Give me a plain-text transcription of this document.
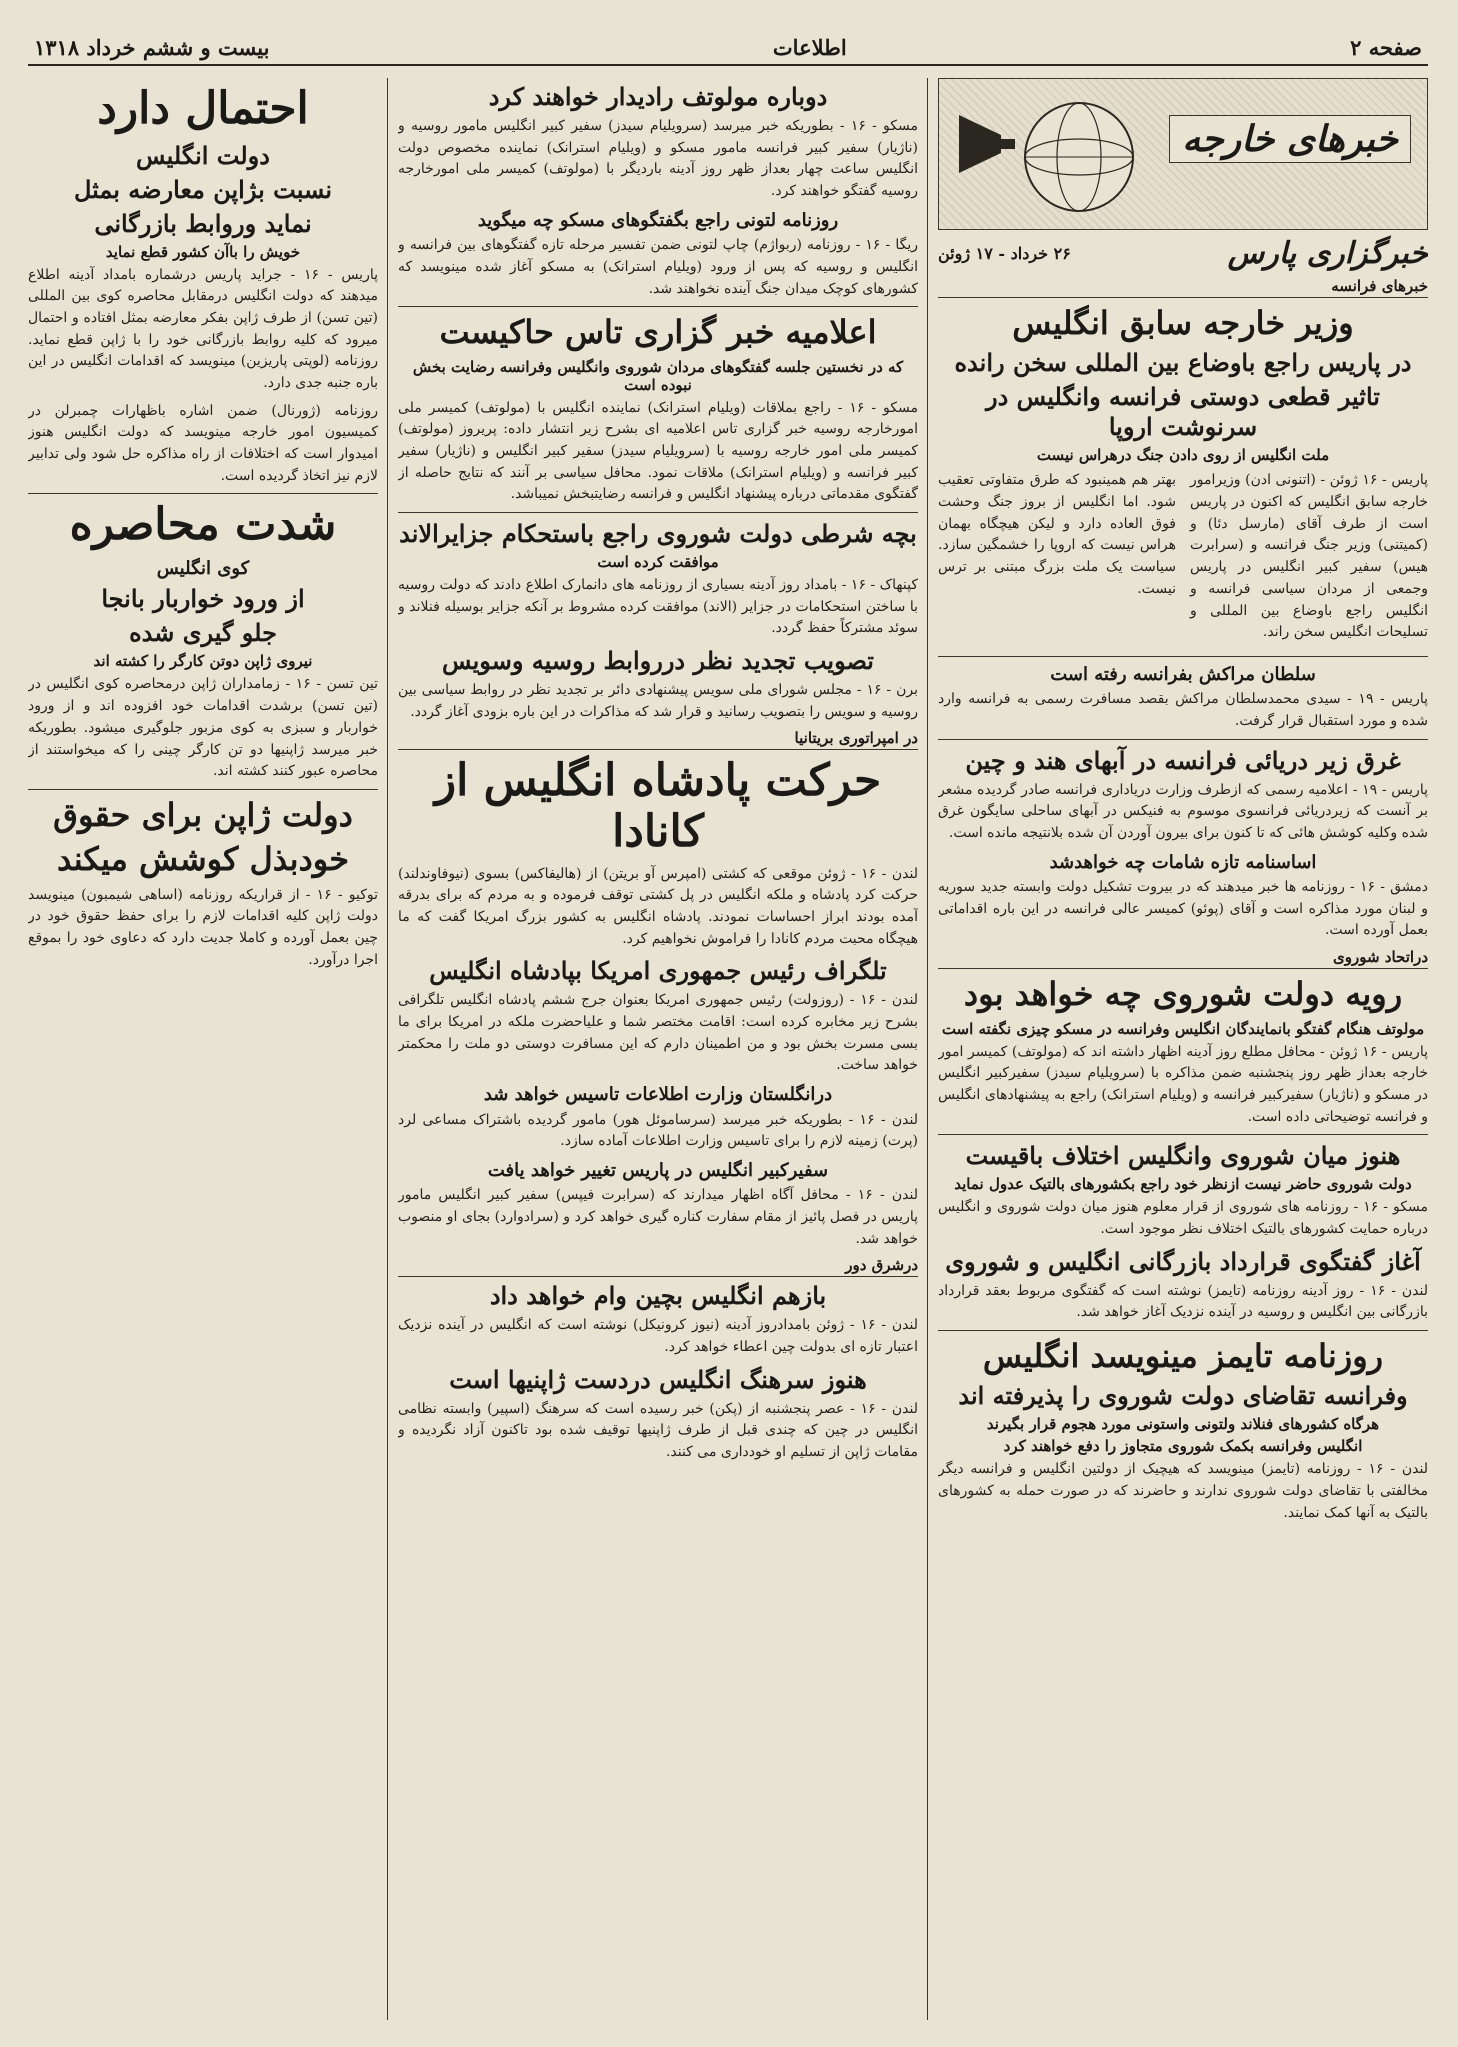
صفحه ۲
اطلاعات
بیست و ششم خرداد ۱۳۱۸
خبرهای خارجه
خبرگزاری پارس
۲۶ خرداد - ۱۷ ژوئن
خبرهای فرانسه
وزیر خارجه سابق انگلیس
در پاریس راجع باوضاع بین المللی سخن رانده
تاثیر قطعی دوستی فرانسه وانگلیس در سرنوشت اروپا
ملت انگلیس از روی دادن جنگ درهراس نیست
پاریس - ۱۶ ژوئن - (اتنونی ادن) وزیرامور خارجه سابق انگلیس که اکنون در پاریس است از طرف آقای (مارسل دئا) و (کمیتنی) وزیر جنگ فرانسه و (سرابرت هیس) سفیر کبیر انگلیس در پاریس وجمعی از مردان سیاسی فرانسه و انگلیس راجع باوضاع بین المللی و تسلیحات انگلیس سخن راند.
بهتر هم همینبود که طرق متفاوتی تعقیب شود. اما انگلیس از بروز جنگ وحشت فوق العاده دارد و لیکن هیچگاه بهمان هراس نیست که اروپا را خشمگین سازد. سیاست یک ملت بزرگ مبتنی بر ترس نیست.
سلطان مراکش بفرانسه رفته است
پاریس - ۱۹ - سیدی محمدسلطان مراکش بقصد مسافرت رسمی به فرانسه وارد شده و مورد استقبال قرار گرفت.
غرق زیر دریائی فرانسه در آبهای هند و چین
پاریس - ۱۹ - اعلامیه رسمی که ازطرف وزارت دریاداری فرانسه صادر گردیده مشعر بر آنست که زیردریائی فرانسوی موسوم به فنیکس در آبهای ساحلی سایگون غرق شده وکلیه کوشش هائی که تا کنون برای بیرون آوردن آن شده بلانتیجه مانده است.
اساسنامه تازه شامات چه خواهدشد
دمشق - ۱۶ - روزنامه ها خبر میدهند که در بیروت تشکیل دولت وابسته جدید سوریه و لبنان مورد مذاکره است و آقای (پوئو) کمیسر عالی فرانسه در این باره اقداماتی بعمل آورده است.
دراتحاد شوروی
رویه دولت شوروی چه خواهد بود
مولوتف هنگام گفتگو بانمایندگان انگلیس وفرانسه در مسکو چیزی نگفته است
پاریس - ۱۶ ژوئن - محافل مطلع روز آدینه اظهار داشته اند که (مولوتف) کمیسر امور خارجه بعداز ظهر روز پنجشنبه ضمن مذاکره با (سرویلیام سیدز) سفیرکبیر انگلیس در مسکو و (ناژیار) سفیرکبیر فرانسه و (ویلیام استرانک) راجع به پیشنهادهای انگلیس و فرانسه توضیحاتی داده است.
هنوز میان شوروی وانگلیس اختلاف باقیست
دولت شوروی حاضر نیست ازنظر خود راجع بکشورهای بالتیک عدول نماید
مسکو - ۱۶ - روزنامه های شوروی از قرار معلوم هنوز میان دولت شوروی و انگلیس درباره حمایت کشورهای بالتیک اختلاف نظر موجود است.
آغاز گفتگوی قرارداد بازرگانی انگلیس و شوروی
لندن - ۱۶ - روز آدینه روزنامه (تایمز) نوشته است که گفتگوی مربوط بعقد قرارداد بازرگانی بین انگلیس و روسیه در آینده نزدیک آغاز خواهد شد.
روزنامه تایمز مینویسد انگلیس
وفرانسه تقاضای دولت شوروی را پذیرفته اند
هرگاه کشورهای فنلاند ولتونی واستونی مورد هجوم قرار بگیرند
انگلیس وفرانسه بکمک شوروی متجاوز را دفع خواهند کرد
لندن - ۱۶ - روزنامه (تایمز) مینویسد که هیچیک از دولتین انگلیس و فرانسه دیگر مخالفتی با تقاضای دولت شوروی ندارند و حاضرند که در صورت حمله به کشورهای بالتیک به آنها کمک نمایند.
دوباره مولوتف رادیدار خواهند کرد
مسکو - ۱۶ - بطوریکه خبر میرسد (سرویلیام سیدز) سفیر کبیر انگلیس مامور روسیه و (ناژیار) سفیر کبیر فرانسه مامور مسکو و (ویلیام استرانک) نماینده مخصوص دولت انگلیس ساعت چهار بعداز ظهر روز آدینه باردیگر با (مولوتف) کمیسر ملی امورخارجه روسیه گفتگو خواهند کرد.
روزنامه لتونی راجع بگفتگوهای مسکو چه میگوید
ریگا - ۱۶ - روزنامه (ربواژم) چاپ لتونی ضمن تفسیر مرحله تازه گفتگوهای بین فرانسه و انگلیس و روسیه که پس از ورود (ویلیام استرانک) به مسکو آغاز شده مینویسد که کشورهای کوچک میدان جنگ آینده نخواهند شد.
اعلامیه خبر گزاری تاس حاکیست
که در نخستین جلسه گفتگوهای مردان شوروی وانگلیس وفرانسه رضایت بخش نبوده است
مسکو - ۱۶ - راجع بملاقات (ویلیام استرانک) نماینده انگلیس با (مولوتف) کمیسر ملی امورخارجه روسیه خبر گزاری تاس اعلامیه ای بشرح زیر انتشار داده: پریروز (مولوتف) کمیسر ملی امور خارجه روسیه با (سرویلیام سیدز) سفیر کبیر انگلیس و (ناژیار) سفیر کبیر فرانسه و (ویلیام استرانک) ملاقات نمود. محافل سیاسی بر آنند که نتایج حاصله از گفتگوی مقدماتی درباره پیشنهاد انگلیس و فرانسه رضایتبخش نمیباشد.
بچه شرطی دولت شوروی راجع باستحکام جزایرالاند
موافقت کرده است
کپنهاک - ۱۶ - بامداد روز آدینه بسیاری از روزنامه های دانمارک اطلاع دادند که دولت روسیه با ساختن استحکامات در جزایر (الاند) موافقت کرده مشروط بر آنکه جزایر بوسیله فنلاند و سوئد مشترکاً حفظ گردد.
تصویب تجدید نظر درروابط روسیه وسویس
برن - ۱۶ - مجلس شورای ملی سویس پیشنهادی دائر بر تجدید نظر در روابط سیاسی بین روسیه و سویس را بتصویب رسانید و قرار شد که مذاکرات در این باره بزودی آغاز گردد.
در امپراتوری بریتانیا
حرکت پادشاه انگلیس از کانادا
لندن - ۱۶ - ژوئن موقعی که کشتی (امپرس آو بریتن) از (هالیفاکس) بسوی (نیوفاوندلند) حرکت کرد پادشاه و ملکه انگلیس در پل کشتی توقف فرموده و به مردم که برای بدرقه آمده بودند ابراز احساسات نمودند. پادشاه انگلیس به کشور بزرگ امریکا گفت که ما هیچگاه محبت مردم کانادا را فراموش نخواهیم کرد.
تلگراف رئیس جمهوری امریکا بپادشاه انگلیس
لندن - ۱۶ - (روزولت) رئیس جمهوری امریکا بعنوان جرج ششم پادشاه انگلیس تلگرافی بشرح زیر مخابره کرده است: اقامت مختصر شما و علیاحضرت ملکه در امریکا برای ما بسی مسرت بخش بود و من اطمینان دارم که این مسافرت دوستی دو ملت را محکمتر خواهد ساخت.
درانگلستان وزارت اطلاعات تاسیس خواهد شد
لندن - ۱۶ - بطوریکه خبر میرسد (سرساموئل هور) مامور گردیده باشتراک مساعی لرد (پرت) زمینه لازم را برای تاسیس وزارت اطلاعات آماده سازد.
سفیرکبیر انگلیس در پاریس تغییر خواهد یافت
لندن - ۱۶ - محافل آگاه اظهار میدارند که (سرابرت فیپس) سفیر کبیر انگلیس مامور پاریس در فصل پائیز از مقام سفارت کناره گیری خواهد کرد و (سرادوارد) بجای او منصوب خواهد شد.
درشرق دور
بازهم انگلیس بچین وام خواهد داد
لندن - ۱۶ - ژوئن بامدادروز آدینه (نیوز کرونیکل) نوشته است که انگلیس در آینده نزدیک اعتبار تازه ای بدولت چین اعطاء خواهد کرد.
هنوز سرهنگ انگلیس دردست ژاپنیها است
لندن - ۱۶ - عصر پنجشنبه از (پکن) خبر رسیده است که سرهنگ (اسپیر) وابسته نظامی انگلیس در چین که چندی قبل از طرف ژاپنیها توقیف شده بود تاکنون آزاد نگردیده و مقامات ژاپن از تسلیم او خودداری می کنند.
احتمال دارد
دولت انگلیس
نسبت بژاپن معارضه بمثل
نماید وروابط بازرگانی
خویش را باآن کشور قطع نماید
پاریس - ۱۶ - جراید پاریس درشماره بامداد آدینه اطلاع میدهند که دولت انگلیس درمقابل محاصره کوی بین المللی (تین تسن) از طرف ژاپن بفکر معارضه بمثل افتاده و احتمال میرود که کلیه روابط بازرگانی خود را با ژاپن قطع نماید. روزنامه (لوپتی پاریزین) مینویسد که اقدامات انگلیس در این باره جنبه جدی دارد.
روزنامه (ژورنال) ضمن اشاره باظهارات چمبرلن در کمیسیون امور خارجه مینویسد که دولت انگلیس هنوز امیدوار است که اختلافات از راه مذاکره حل شود ولی تدابیر لازم نیز اتخاذ گردیده است.
شدت محاصره
کوی انگلیس
از ورود خواربار بانجا
جلو گیری شده
نیروی ژاپن دوتن کارگر را کشته اند
تین تسن - ۱۶ - زمامداران ژاپن درمحاصره کوی انگلیس در (تین تسن) برشدت اقدامات خود افزوده اند و از ورود خواربار و سبزی به کوی مزبور جلوگیری میشود. بطوریکه خبر میرسد ژاپنیها دو تن کارگر چینی را که میخواستند از محاصره عبور کنند کشته اند.
دولت ژاپن برای حقوق
خودبذل کوشش میکند
توکیو - ۱۶ - از قراریکه روزنامه (اساهی شیمبون) مینویسد دولت ژاپن کلیه اقدامات لازم را برای حفظ حقوق خود در چین بعمل آورده و کاملا جدیت دارد که دعاوی خود را بموقع اجرا درآورد.
